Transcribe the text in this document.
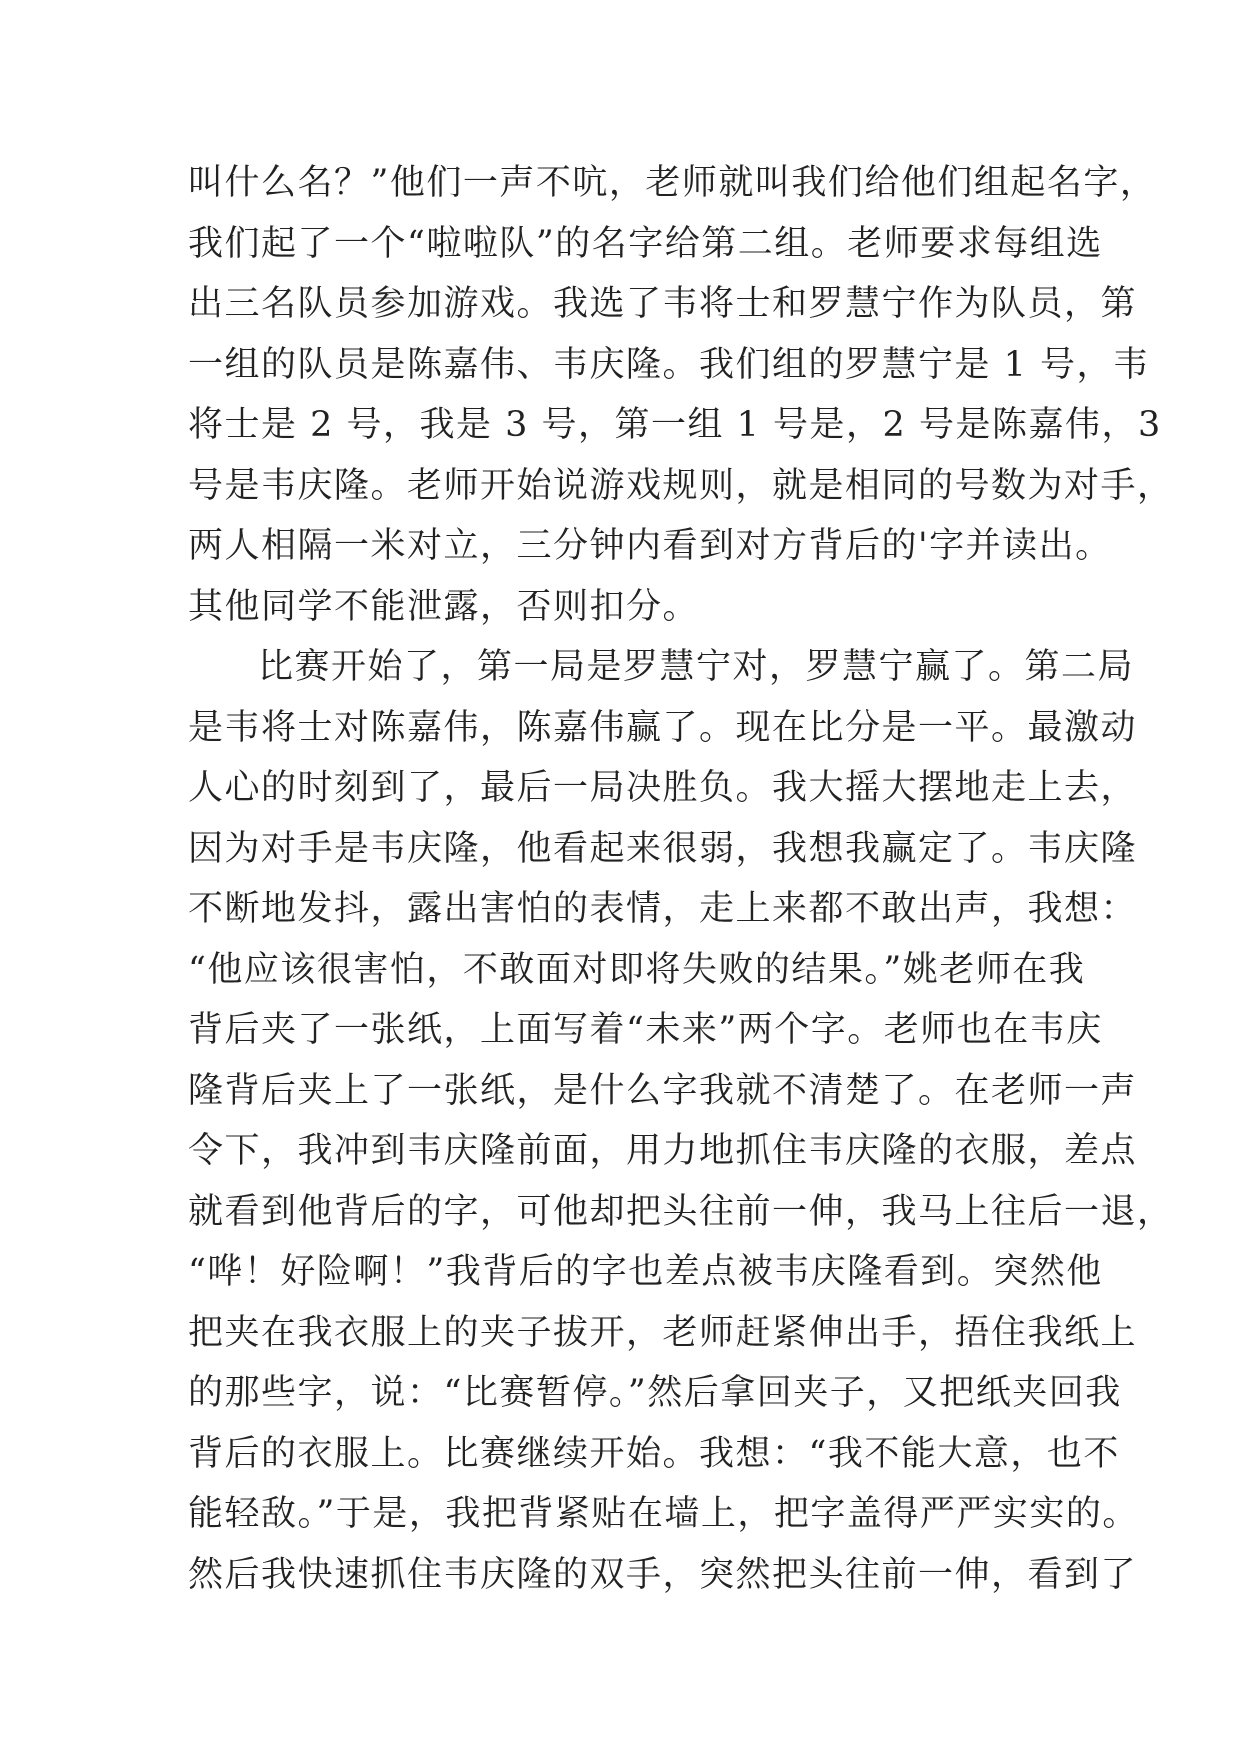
叫什么名？”他们一声不吭，老师就叫我们给他们组起名字，
我们起了一个“啦啦队”的名字给第二组。老师要求每组选
出三名队员参加游戏。我选了韦将士和罗慧宁作为队员，第
一组的队员是陈嘉伟、韦庆隆。我们组的罗慧宁是 1 号，韦
将士是 2 号，我是 3 号，第一组 1 号是，2 号是陈嘉伟，3
号是韦庆隆。老师开始说游戏规则，就是相同的号数为对手，
两人相隔一米对立，三分钟内看到对方背后的'字并读出。
其他同学不能泄露，否则扣分。
比赛开始了，第一局是罗慧宁对，罗慧宁赢了。第二局
是韦将士对陈嘉伟，陈嘉伟赢了。现在比分是一平。最激动
人心的时刻到了，最后一局决胜负。我大摇大摆地走上去，
因为对手是韦庆隆，他看起来很弱，我想我赢定了。韦庆隆
不断地发抖，露出害怕的表情，走上来都不敢出声，我想：
“他应该很害怕，不敢面对即将失败的结果。”姚老师在我
背后夹了一张纸，上面写着“未来”两个字。老师也在韦庆
隆背后夹上了一张纸，是什么字我就不清楚了。在老师一声
令下，我冲到韦庆隆前面，用力地抓住韦庆隆的衣服，差点
就看到他背后的字，可他却把头往前一伸，我马上往后一退，
“哗！好险啊！”我背后的字也差点被韦庆隆看到。突然他
把夹在我衣服上的夹子拔开，老师赶紧伸出手，捂住我纸上
的那些字，说：“比赛暂停。”然后拿回夹子，又把纸夹回我
背后的衣服上。比赛继续开始。我想：“我不能大意，也不
能轻敌。”于是，我把背紧贴在墙上，把字盖得严严实实的。
然后我快速抓住韦庆隆的双手，突然把头往前一伸，看到了
